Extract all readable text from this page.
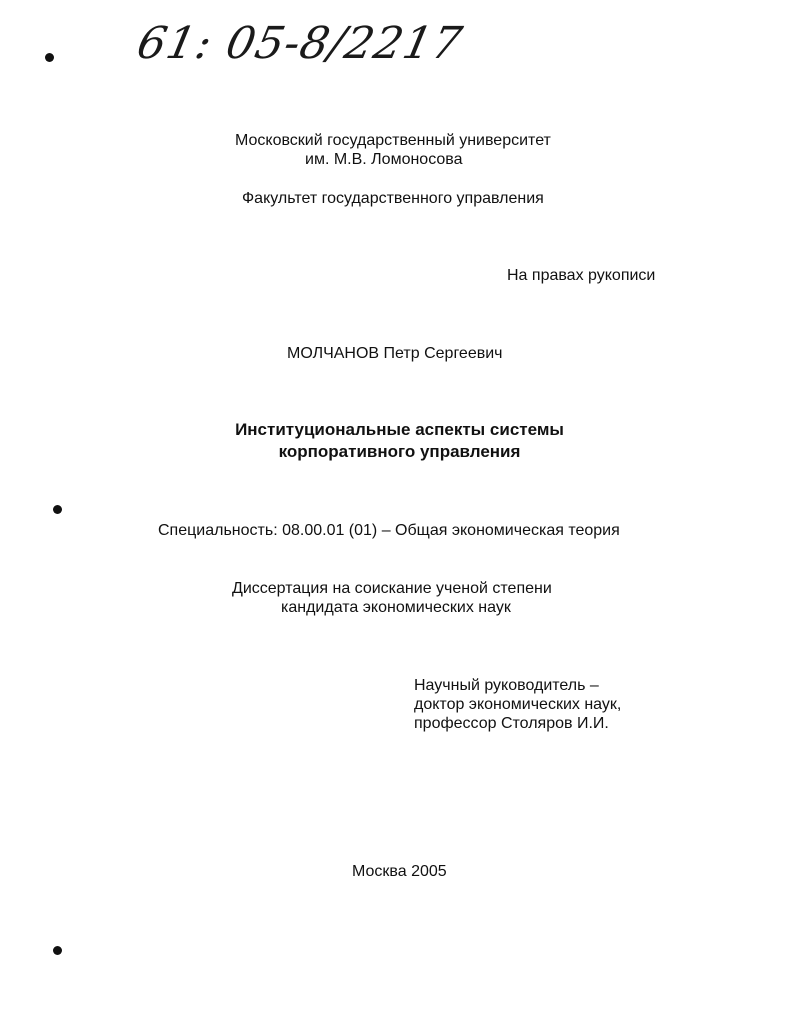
61: 05-8/2217
Московский государственный университет
им. М.В. Ломоносова
Факультет государственного управления
На правах рукописи
МОЛЧАНОВ Петр Сергеевич
Институциональные аспекты системы
корпоративного управления
Специальность: 08.00.01 (01) – Общая экономическая теория
Диссертация на соискание ученой степени
кандидата экономических наук
Научный руководитель –
доктор экономических наук,
профессор Столяров И.И.
Москва 2005
